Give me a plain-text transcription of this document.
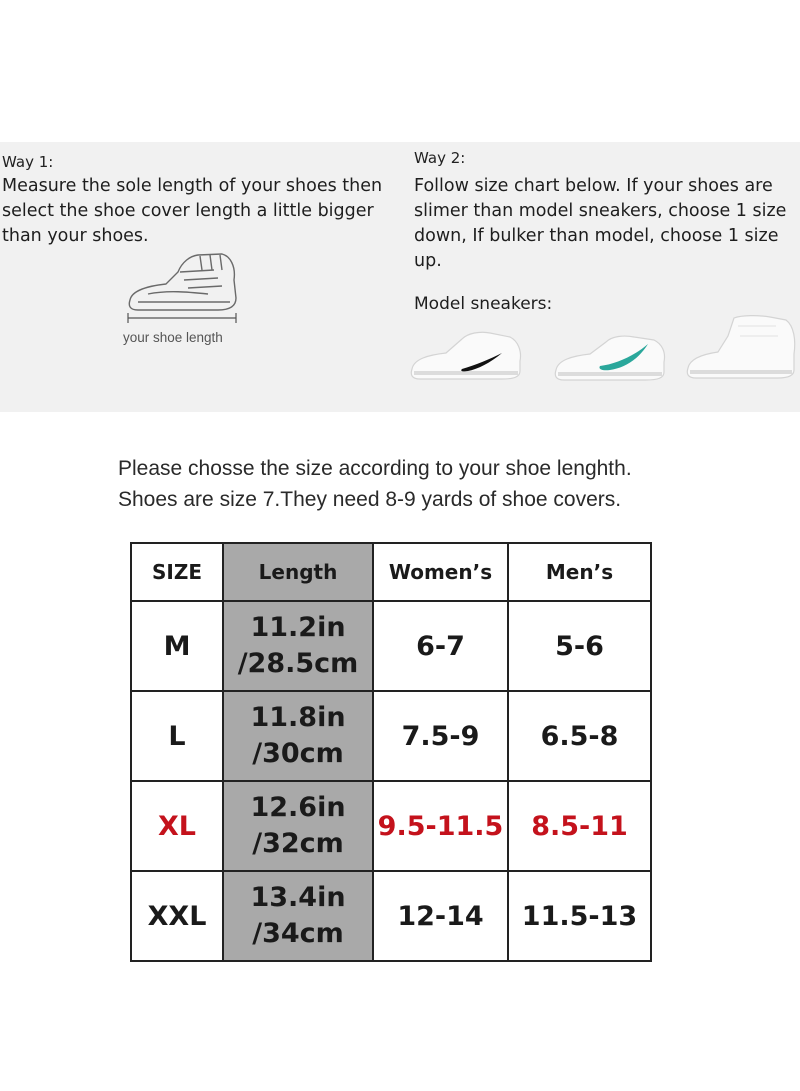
Way 1:
Measure the sole length of your shoes then
select the shoe cover length a little bigger
than your shoes.
your shoe length
Way 2:
Follow size chart below. If your shoes are
slimer than model sneakers, choose 1 size
down, If bulker than model, choose 1 size
up.
Model sneakers:
Please chosse the size according to your shoe lenghth.
Shoes are size 7.They need 8-9 yards of shoe covers.
SIZE	Length	Women’s	Men’s
M	11.2in
/28.5cm	6-7	5-6
L	11.8in
/30cm	7.5-9	6.5-8
XL	12.6in
/32cm	9.5-11.5	8.5-11
XXL	13.4in
/34cm	12-14	11.5-13
